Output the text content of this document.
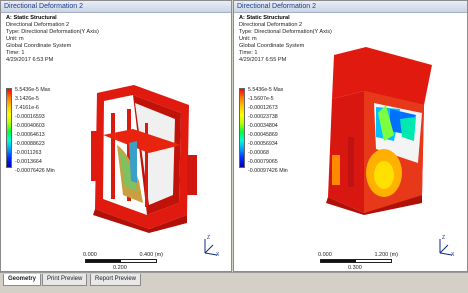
Directional Deformation 2
A: Static Structural
Directional Deformation 2
Type: Directional Deformation(Y Axis)
Unit: m
Global Coordinate System
Time: 1
4/29/2017 6:53 PM
5.5436e-5 Max
3.1426e-5
7.4161e-6
-0.00016593
-0.00040603
-0.00064613
-0.00088623
-0.0011263
-0.0013664
-0.00076426 Min
0.000	0.400 (m)
0.200
Z
X
Directional Deformation 2
A: Static Structural
Directional Deformation 2
Type: Directional Deformation(Y Axis)
Unit: m
Global Coordinate System
Time: 1
4/29/2017 6:55 PM
5.5436e-5 Max
-1.5607e-5
-0.00012673
-0.00023738
-0.00034804
-0.00045869
-0.00056934
-0.00068
-0.00079065
-0.00097426 Min
0.000	1.200 (m)
0.300
Z
X
Geometry	Print Preview	Report Preview
